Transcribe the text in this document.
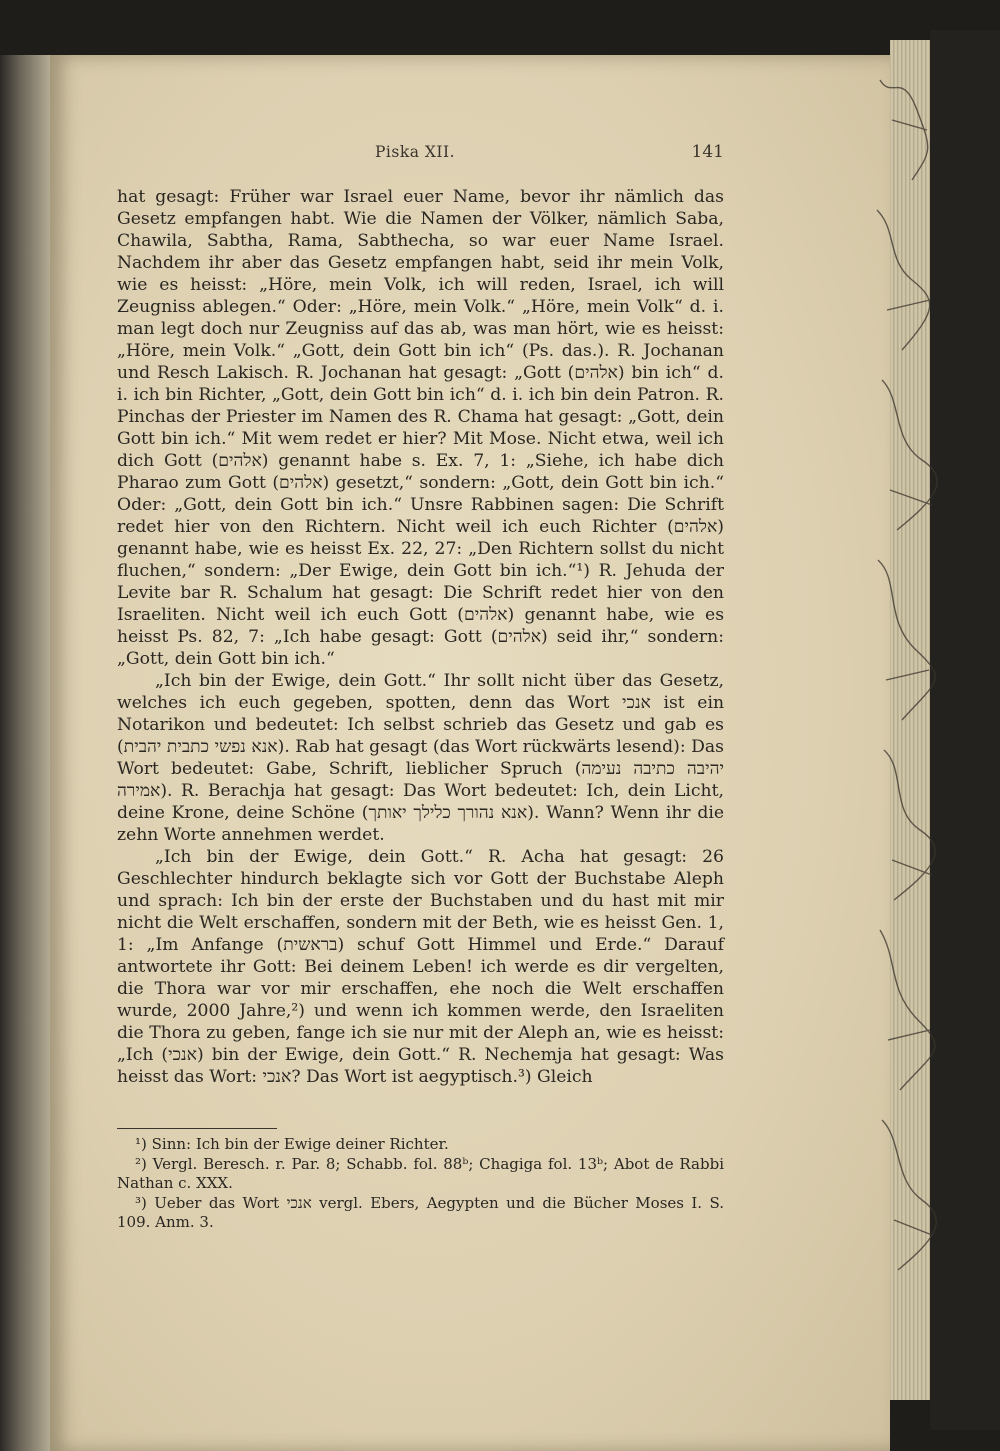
Piska XII.	141

hat gesagt: Früher war Israel euer Name, bevor ihr nämlich das Gesetz empfangen habt. Wie die Namen der Völker, nämlich Saba, Chawila, Sabtha, Rama, Sabthecha, so war euer Name Israel. Nachdem ihr aber das Gesetz empfangen habt, seid ihr mein Volk, wie es heisst: „Höre, mein Volk, ich will reden, Israel, ich will Zeugniss ablegen.“ Oder: „Höre, mein Volk.“ „Höre, mein Volk“ d. i. man legt doch nur Zeugniss auf das ab, was man hört, wie es heisst: „Höre, mein Volk.“ „Gott, dein Gott bin ich“ (Ps. das.). R. Jochanan und Resch Lakisch. R. Jochanan hat gesagt: „Gott (אלהים) bin ich“ d. i. ich bin Richter, „Gott, dein Gott bin ich“ d. i. ich bin dein Patron. R. Pinchas der Priester im Namen des R. Chama hat gesagt: „Gott, dein Gott bin ich.“ Mit wem redet er hier? Mit Mose. Nicht etwa, weil ich dich Gott (אלהים) genannt habe s. Ex. 7, 1: „Siehe, ich habe dich Pharao zum Gott (אלהים) gesetzt,“ sondern: „Gott, dein Gott bin ich.“ Oder: „Gott, dein Gott bin ich.“ Unsre Rabbinen sagen: Die Schrift redet hier von den Richtern. Nicht weil ich euch Richter (אלהים) genannt habe, wie es heisst Ex. 22, 27: „Den Richtern sollst du nicht fluchen,“ sondern: „Der Ewige, dein Gott bin ich.“¹) R. Jehuda der Levite bar R. Schalum hat gesagt: Die Schrift redet hier von den Israeliten. Nicht weil ich euch Gott (אלהים) genannt habe, wie es heisst Ps. 82, 7: „Ich habe gesagt: Gott (אלהים) seid ihr,“ sondern: „Gott, dein Gott bin ich.“

„Ich bin der Ewige, dein Gott.“ Ihr sollt nicht über das Gesetz, welches ich euch gegeben, spotten, denn das Wort אנכי ist ein Notarikon und bedeutet: Ich selbst schrieb das Gesetz und gab es (אנא נפשי כתבית יהבית). Rab hat gesagt (das Wort rückwärts lesend): Das Wort bedeutet: Gabe, Schrift, lieblicher Spruch (יהיבה כתיבה נעימה אמירה). R. Berachja hat gesagt: Das Wort bedeutet: Ich, dein Licht, deine Krone, deine Schöne (אנא נהורך כלילך יאותך). Wann? Wenn ihr die zehn Worte annehmen werdet.

„Ich bin der Ewige, dein Gott.“ R. Acha hat gesagt: 26 Geschlechter hindurch beklagte sich vor Gott der Buchstabe Aleph und sprach: Ich bin der erste der Buchstaben und du hast mit mir nicht die Welt erschaffen, sondern mit der Beth, wie es heisst Gen. 1, 1: „Im Anfange (בראשית) schuf Gott Himmel und Erde.“ Darauf antwortete ihr Gott: Bei deinem Leben! ich werde es dir vergelten, die Thora war vor mir erschaffen, ehe noch die Welt erschaffen wurde, 2000 Jahre,²) und wenn ich kommen werde, den Israeliten die Thora zu geben, fange ich sie nur mit der Aleph an, wie es heisst: „Ich (אנכי) bin der Ewige, dein Gott.“ R. Nechemja hat gesagt: Was heisst das Wort: אנכי? Das Wort ist aegyptisch.³) Gleich

¹) Sinn: Ich bin der Ewige deiner Richter.

²) Vergl. Beresch. r. Par. 8; Schabb. fol. 88ᵇ; Chagiga fol. 13ᵇ; Abot de Rabbi Nathan c. XXX.

³) Ueber das Wort אנכי vergl. Ebers, Aegypten und die Bücher Moses I. S. 109. Anm. 3.
